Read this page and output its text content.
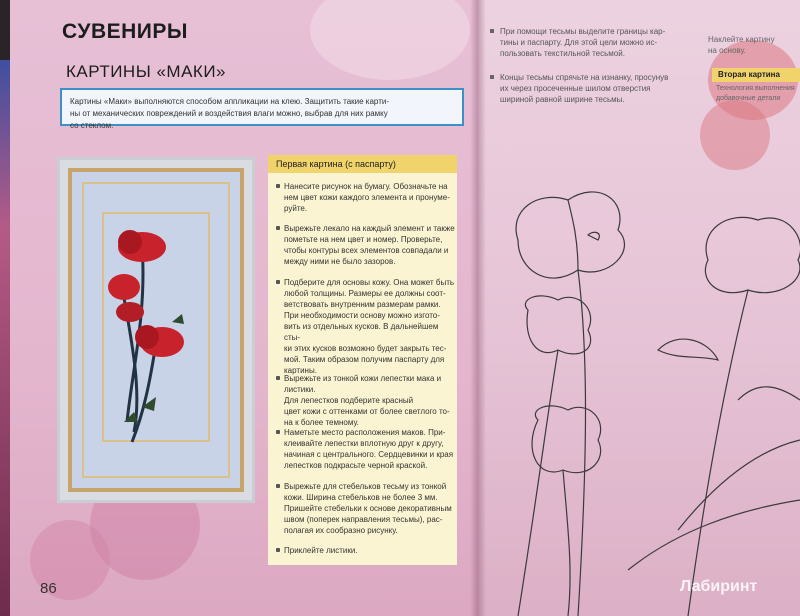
СУВЕНИРЫ
КАРТИНЫ «МАКИ»
Картины «Маки» выполняются способом аппликации на клею. Защитить такие карти-
ны от механических повреждений и воздействия влаги можно, выбрав для них рамку
со стеклом.
Первая картина (с паспарту)
Нанесите рисунок на бумагу. Обозначьте на
нем цвет кожи каждого элемента и пронуме-
руйте.
Вырежьте лекало на каждый элемент и также
пометьте на нем цвет и номер. Проверьте,
чтобы контуры всех элементов совпадали и
между ними не было зазоров.
Подберите для основы кожу. Она может быть
любой толщины. Размеры ее должны соот-
ветствовать внутренним размерам рамки.
При необходимости основу можно изгото-
вить из отдельных кусков. В дальнейшем сты-
ки этих кусков возможно будет закрыть тес-
мой. Таким образом получим паспарту для
картины.
Вырежьте из тонкой кожи лепестки мака и листики.
Для лепестков подберите красный
цвет кожи с оттенками от более светлого то-
на к более темному.
Наметьте место расположения маков. При-
клеивайте лепестки вплотную друг к другу,
начиная с центрального. Сердцевинки и края
лепестков подкрасьте черной краской.
Вырежьте для стебельков тесьму из тонкой
кожи. Ширина стебельков не более 3 мм.
Пришейте стебельки к основе декоративным
швом (поперек направления тесьмы), рас-
полагая их сообразно рисунку.
Приклейте листики.
86
При помощи тесьмы выделите границы кар-
тины и паспарту. Для этой цели можно ис-
пользовать текстильной тесьмой.
Концы тесьмы спрячьте на изнанку, просунув
их через просеченные шилом отверстия
шириной равной ширине тесьмы.
Наклейте картину
на основу.
Вторая картина
Технология выполнения
добавочные детали
Лабиринт
